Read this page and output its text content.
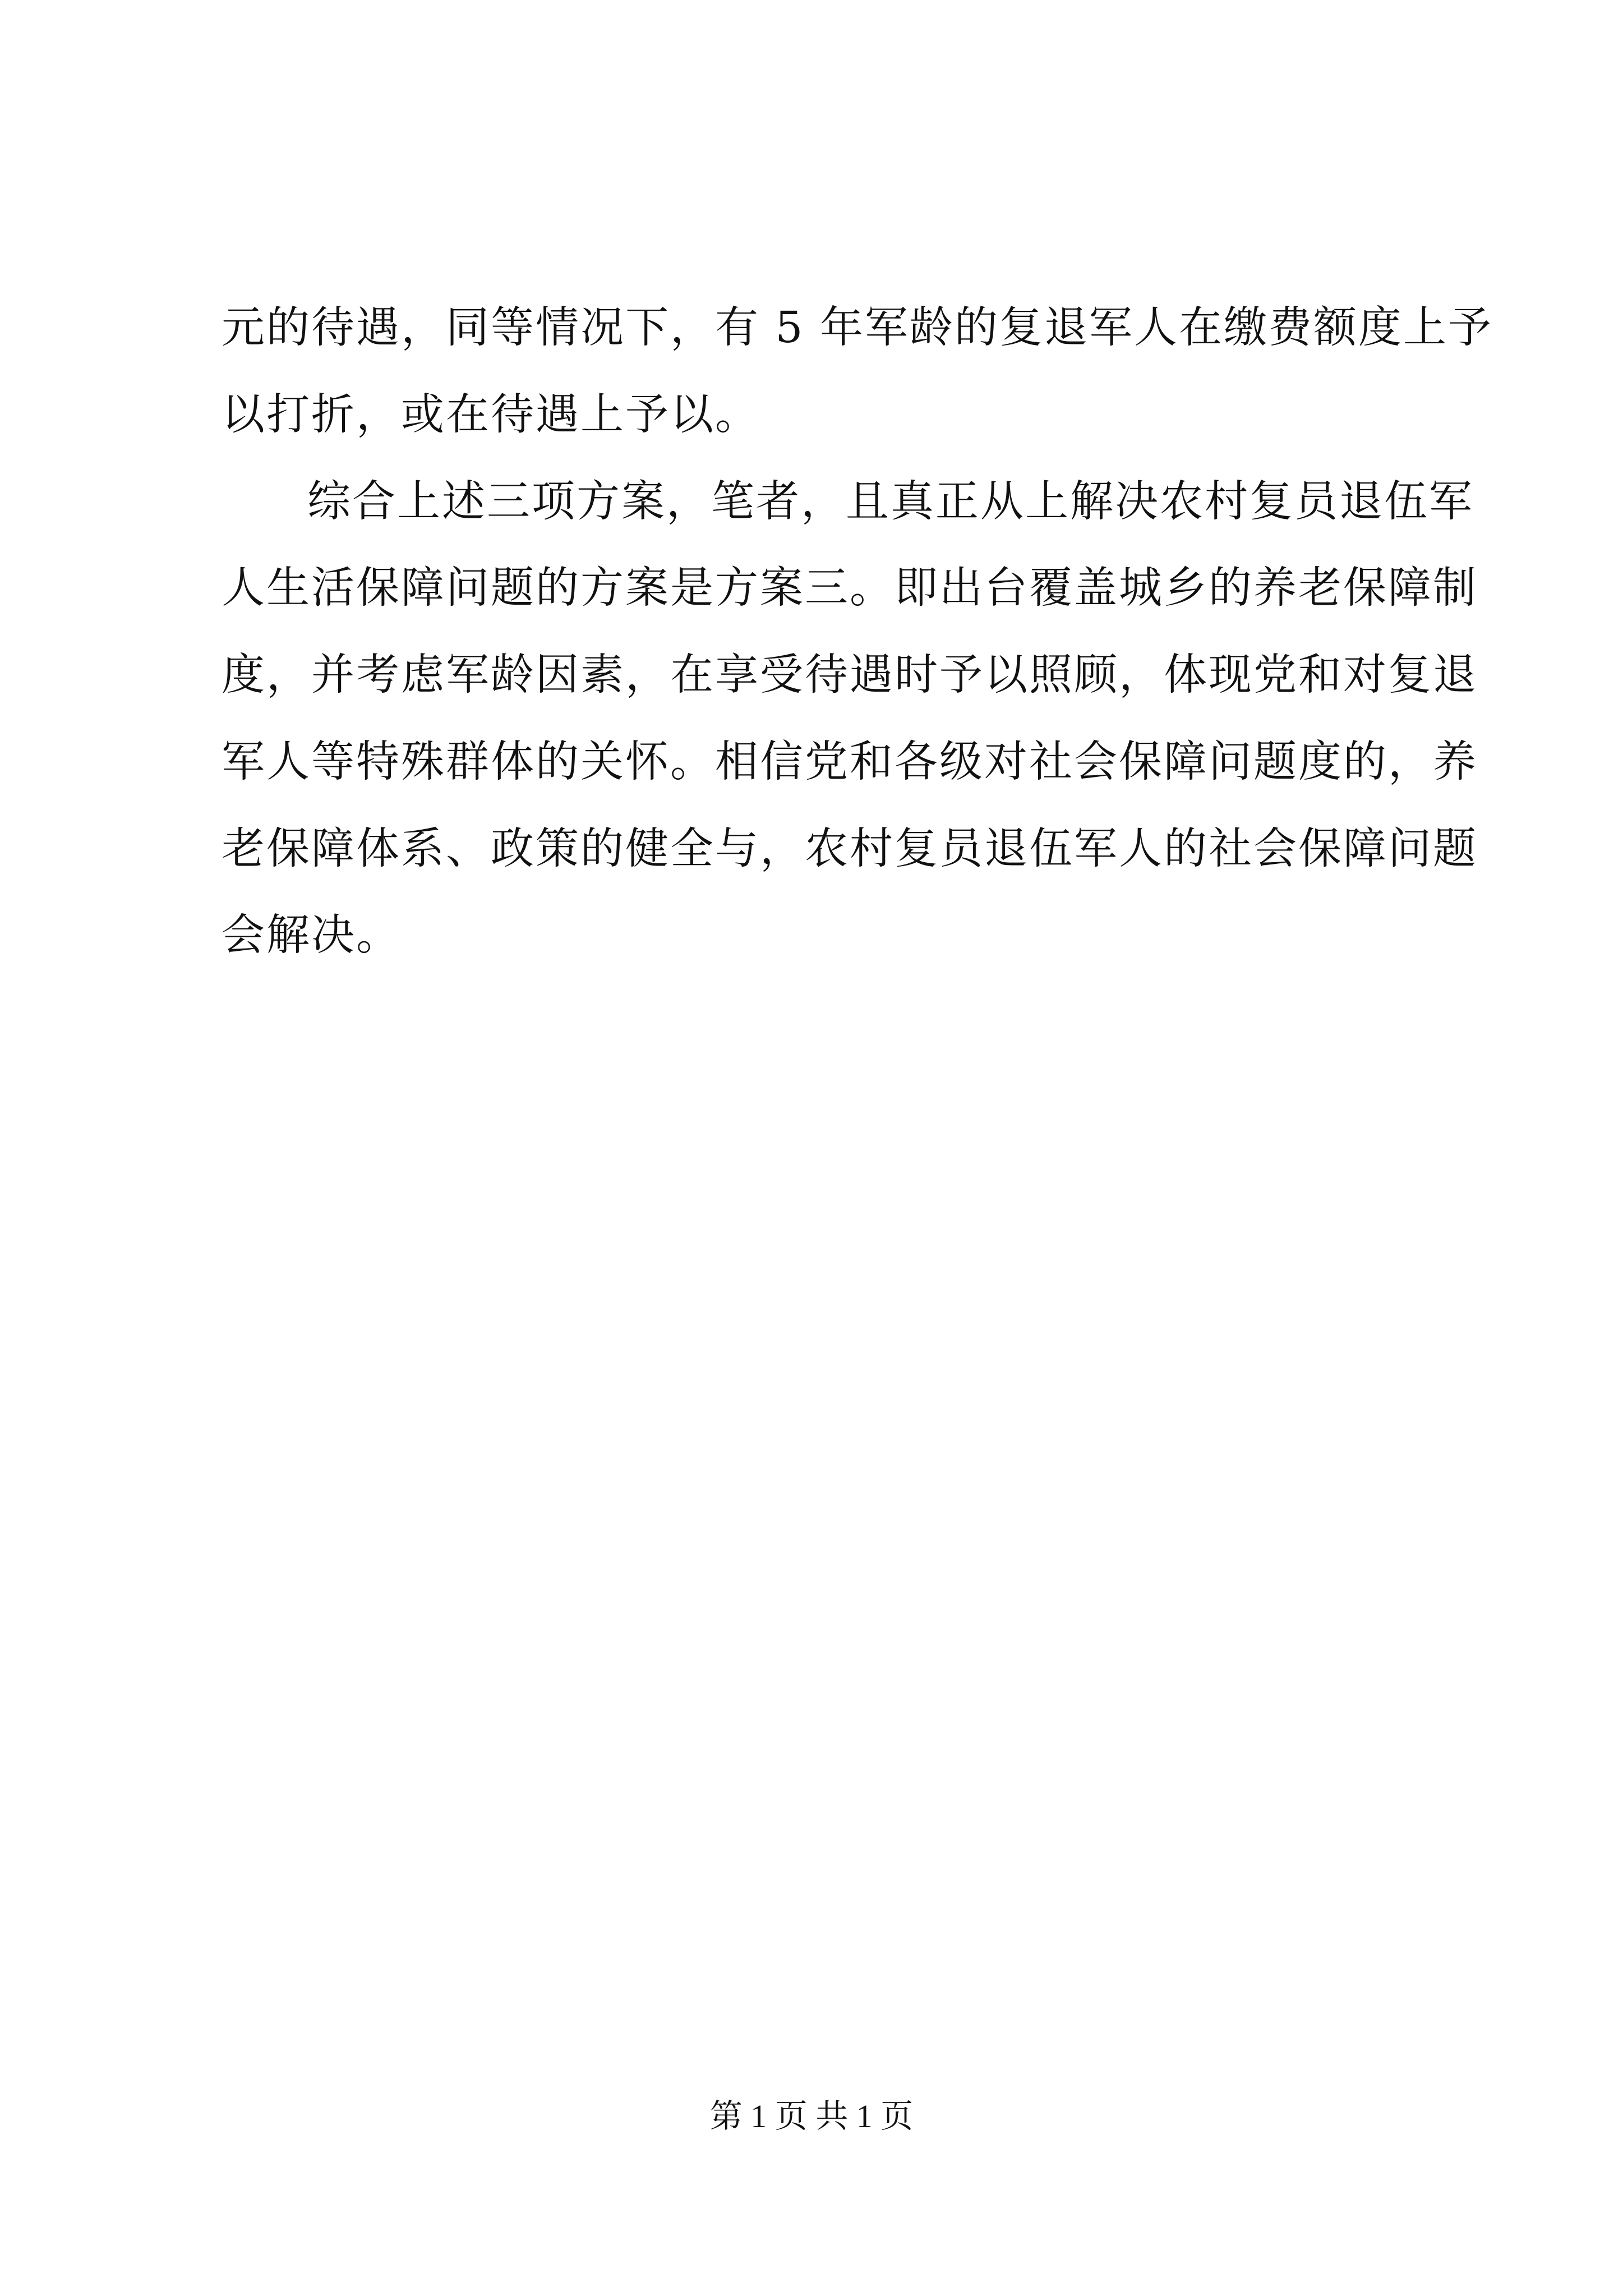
元的待遇，同等情况下，有 5 年军龄的复退军人在缴费额度上予
以打折，或在待遇上予以。
综合上述三项方案，笔者，且真正从上解决农村复员退伍军
人生活保障问题的方案是方案三。即出台覆盖城乡的养老保障制
度，并考虑军龄因素，在享受待遇时予以照顾，体现党和对复退
军人等特殊群体的关怀。相信党和各级对社会保障问题度的，养
老保障体系、政策的健全与，农村复员退伍军人的社会保障问题
会解决。
第 1 页 共 1 页
